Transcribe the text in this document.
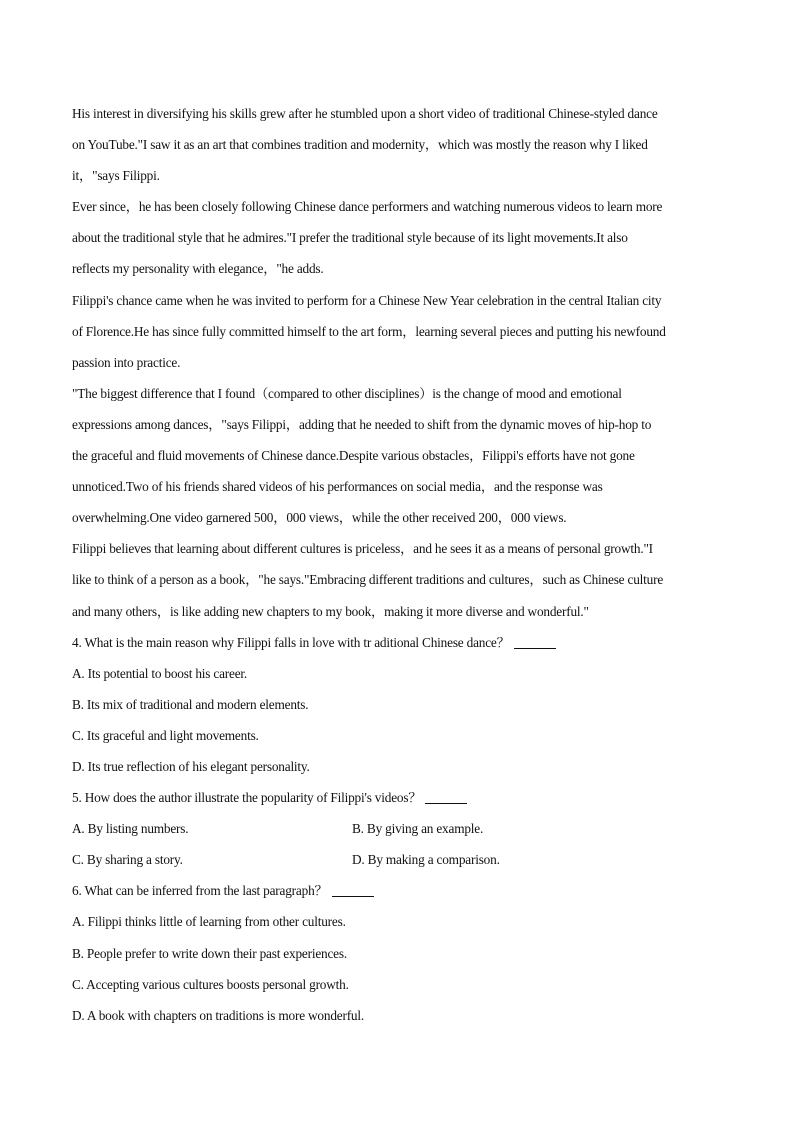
His interest in diversifying his skills grew after he stumbled upon a short video of traditional Chinese-styled dance
on YouTube."I saw it as an art that combines tradition and modernity，which was mostly the reason why I liked
it，"says Filippi.
Ever since，he has been closely following Chinese dance performers and watching numerous videos to learn more
about the traditional style that he admires."I prefer the traditional style because of its light movements.It also
reflects my personality with elegance，"he adds.
Filippi's chance came when he was invited to perform for a Chinese New Year celebration in the central Italian city
of Florence.He has since fully committed himself to the art form，learning several pieces and putting his newfound
passion into practice.
"The biggest difference that I found（compared to other disciplines）is the change of mood and emotional
expressions among dances，"says Filippi，adding that he needed to shift from the dynamic moves of hip-hop to
the graceful and fluid movements of Chinese dance.Despite various obstacles，Filippi's efforts have not gone
unnoticed.Two of his friends shared videos of his performances on social media，and the response was
overwhelming.One video garnered 500，000 views，while the other received 200，000 views.
Filippi believes that learning about different cultures is priceless，and he sees it as a means of personal growth."I
like to think of a person as a book，"he says."Embracing different traditions and cultures，such as Chinese culture
and many others，is like adding new chapters to my book，making it more diverse and wonderful."
4. What is the main reason why Filippi falls in love with tr aditional Chinese dance？
A. Its potential to boost his career.
B. Its mix of traditional and modern elements.
C. Its graceful and light movements.
D. Its true reflection of his elegant personality.
5. How does the author illustrate the popularity of Filippi's videos？
A. By listing numbers.	B. By giving an example.
C. By sharing a story.	D. By making a comparison.
6. What can be inferred from the last paragraph？
A. Filippi thinks little of learning from other cultures.
B. People prefer to write down their past experiences.
C. Accepting various cultures boosts personal growth.
D. A book with chapters on traditions is more wonderful.
